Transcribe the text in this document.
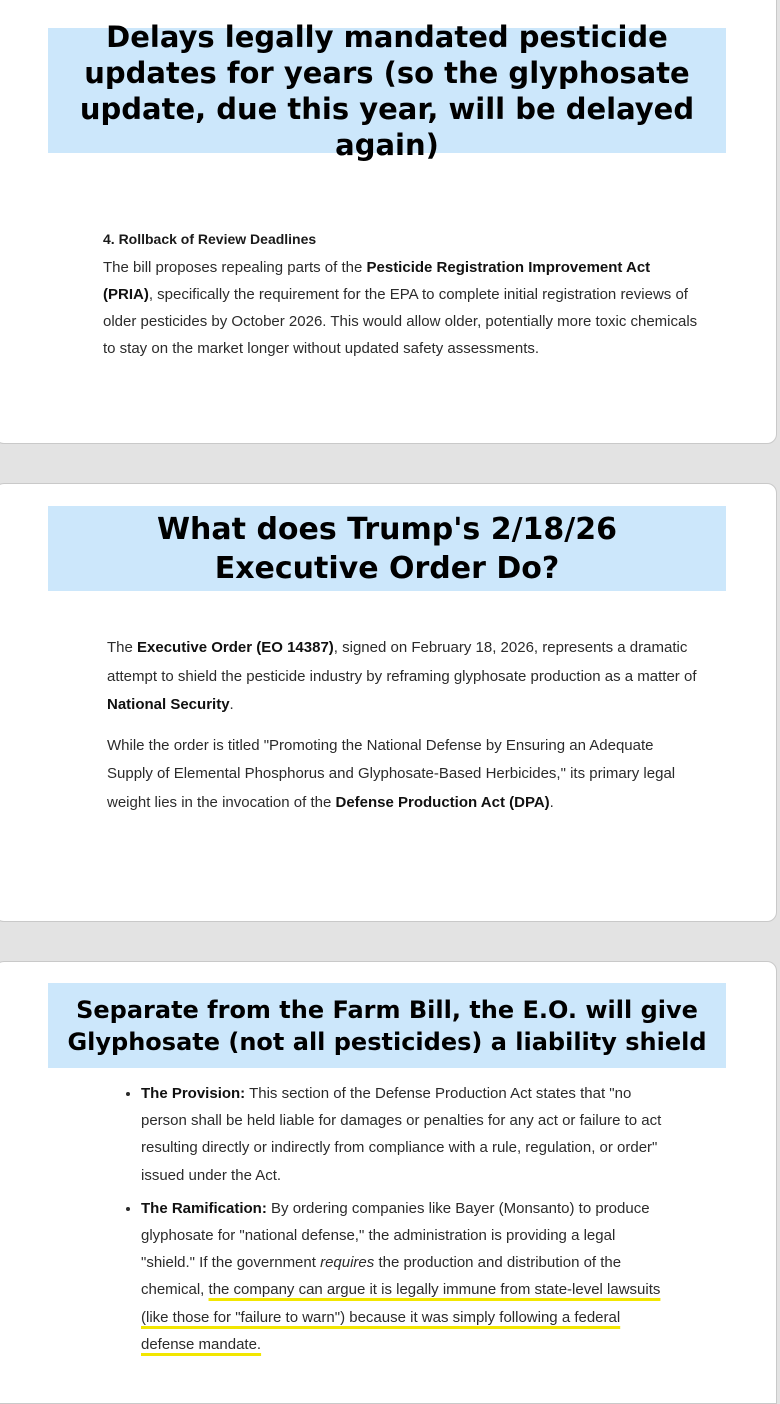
Delays legally mandated pesticide updates for years (so the glyphosate update, due this year, will be delayed again)
4. Rollback of Review Deadlines

The bill proposes repealing parts of the Pesticide Registration Improvement Act (PRIA), specifically the requirement for the EPA to complete initial registration reviews of older pesticides by October 2026. This would allow older, potentially more toxic chemicals to stay on the market longer without updated safety assessments.

What does Trump's 2/18/26 Executive Order Do?

The Executive Order (EO 14387), signed on February 18, 2026, represents a dramatic attempt to shield the pesticide industry by reframing glyphosate production as a matter of National Security.

While the order is titled "Promoting the National Defense by Ensuring an Adequate Supply of Elemental Phosphorus and Glyphosate-Based Herbicides," its primary legal weight lies in the invocation of the Defense Production Act (DPA).

Separate from the Farm Bill, the E.O. will give Glyphosate (not all pesticides) a liability shield
• The Provision: This section of the Defense Production Act states that "no person shall be held liable for damages or penalties for any act or failure to act resulting directly or indirectly from compliance with a rule, regulation, or order" issued under the Act.
• The Ramification: By ordering companies like Bayer (Monsanto) to produce glyphosate for "national defense," the administration is providing a legal "shield." If the government requires the production and distribution of the chemical, the company can argue it is legally immune from state-level lawsuits (like those for "failure to warn") because it was simply following a federal defense mandate.
